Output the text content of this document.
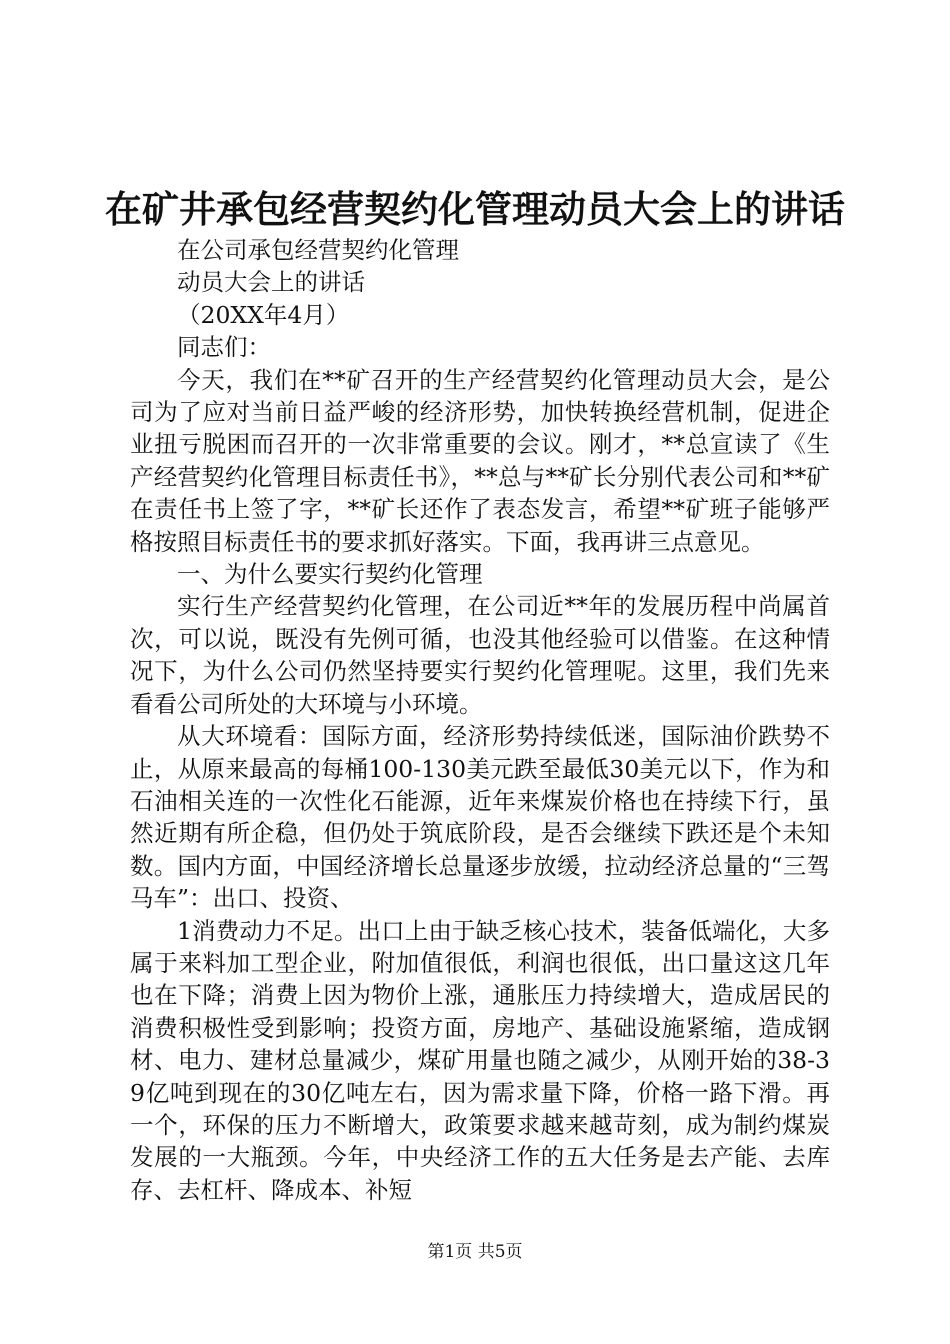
在矿井承包经营契约化管理动员大会上的讲话

在公司承包经营契约化管理

动员大会上的讲话

（20XX年4月）

同志们：

今天，我们在**矿召开的生产经营契约化管理动员大会，是公司为了应对当前日益严峻的经济形势，加快转换经营机制，促进企业扭亏脱困而召开的一次非常重要的会议。刚才，**总宣读了《生产经营契约化管理目标责任书》，**总与**矿长分别代表公司和**矿在责任书上签了字，**矿长还作了表态发言，希望**矿班子能够严格按照目标责任书的要求抓好落实。下面，我再讲三点意见。

一、为什么要实行契约化管理

实行生产经营契约化管理，在公司近**年的发展历程中尚属首次，可以说，既没有先例可循，也没其他经验可以借鉴。在这种情况下，为什么公司仍然坚持要实行契约化管理呢。这里，我们先来看看公司所处的大环境与小环境。

从大环境看：国际方面，经济形势持续低迷，国际油价跌势不止，从原来最高的每桶100-130美元跌至最低30美元以下，作为和石油相关连的一次性化石能源，近年来煤炭价格也在持续下行，虽然近期有所企稳，但仍处于筑底阶段，是否会继续下跌还是个未知数。国内方面，中国经济增长总量逐步放缓，拉动经济总量的“三驾马车”：出口、投资、

1消费动力不足。出口上由于缺乏核心技术，装备低端化，大多属于来料加工型企业，附加值很低，利润也很低，出口量这这几年也在下降；消费上因为物价上涨，通胀压力持续增大，造成居民的消费积极性受到影响；投资方面，房地产、基础设施紧缩，造成钢材、电力、建材总量减少，煤矿用量也随之减少，从刚开始的38-39亿吨到现在的30亿吨左右，因为需求量下降，价格一路下滑。再一个，环保的压力不断增大，政策要求越来越苛刻，成为制约煤炭发展的一大瓶颈。今年，中央经济工作的五大任务是去产能、去库存、去杠杆、降成本、补短

第1页 共5页
